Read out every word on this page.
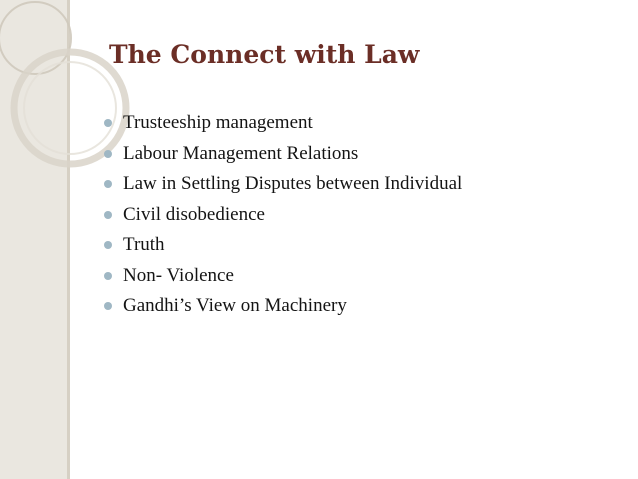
The Connect with Law
Trusteeship management
Labour Management Relations
Law in Settling Disputes between Individual
Civil disobedience
Truth
Non- Violence
Gandhi’s View on Machinery
